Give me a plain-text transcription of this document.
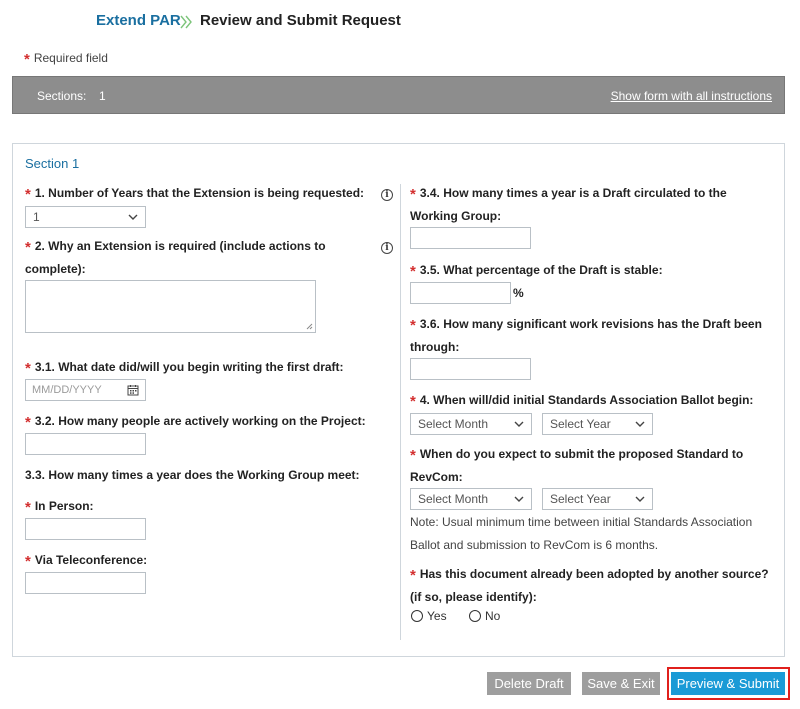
Extend PAR Review and Submit Request
* Required field
Sections: 1	Show form with all instructions
Section 1
* 1. Number of Years that the Extension is being requested:	i
1
* 2. Why an Extension is required (include actions to
complete):
i
* 3.1. What date did/will you begin writing the first draft:
MM/DD/YYYY
* 3.2. How many people are actively working on the Project:
3.3. How many times a year does the Working Group meet:
* In Person:
* Via Teleconference:
* 3.4. How many times a year is a Draft circulated to the
Working Group:
* 3.5. What percentage of the Draft is stable:
%
* 3.6. How many significant work revisions has the Draft been
through:
* 4. When will/did initial Standards Association Ballot begin:
Select Month	Select Year
* When do you expect to submit the proposed Standard to
RevCom:
Select Month	Select Year
Note: Usual minimum time between initial Standards Association
Ballot and submission to RevCom is 6 months.
* Has this document already been adopted by another source?
(if so, please identify):
Yes	No
Delete Draft	Save & Exit	Preview & Submit
